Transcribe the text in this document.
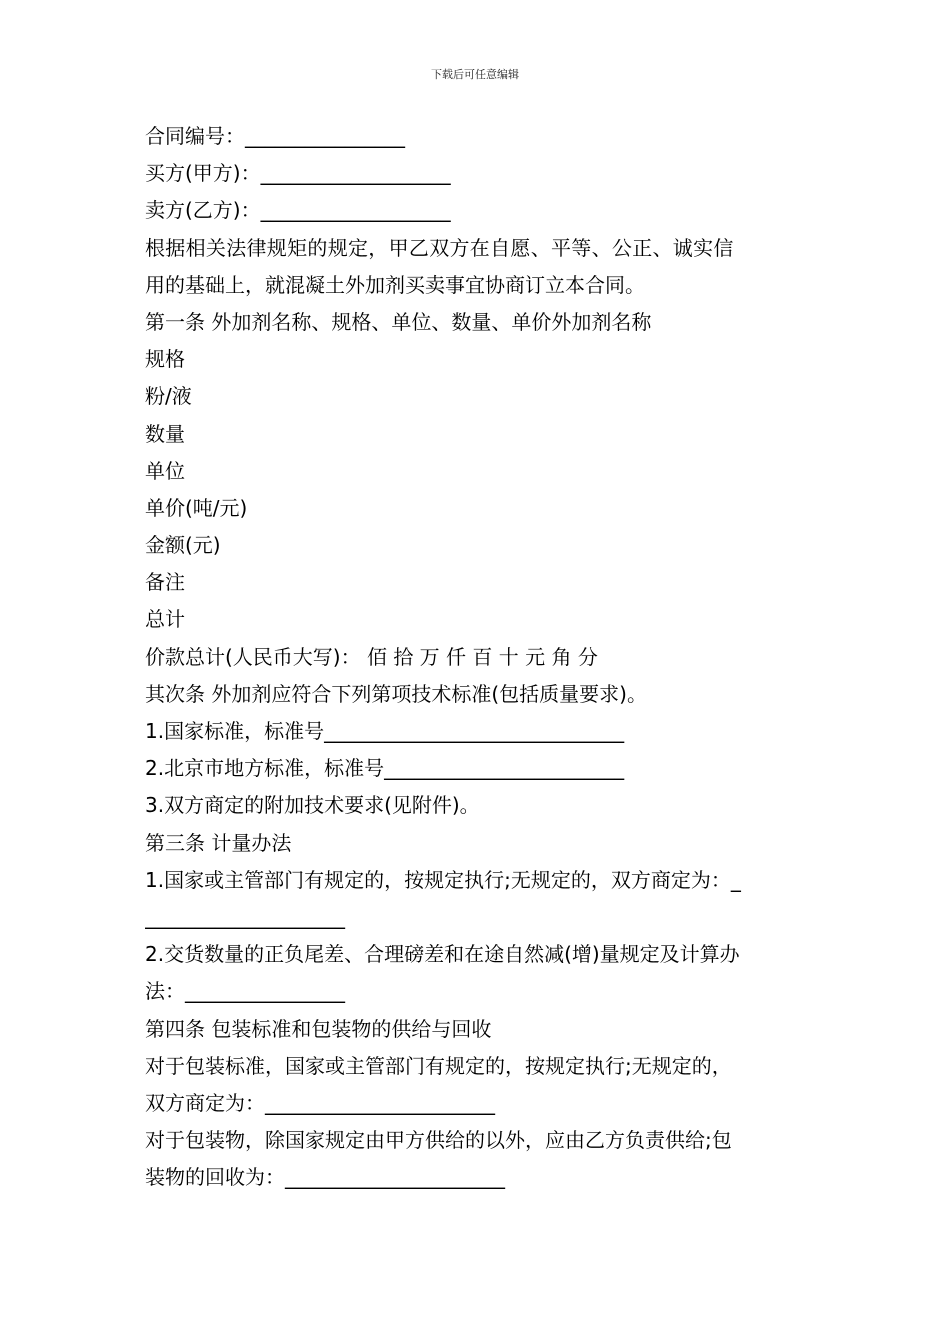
下载后可任意编辑
合同编号：________________
买方(甲方)：___________________
卖方(乙方)：___________________
根据相关法律规矩的规定，甲乙双方在自愿、平等、公正、诚实信
用的基础上，就混凝土外加剂买卖事宜协商订立本合同。
第一条 外加剂名称、规格、单位、数量、单价外加剂名称
规格
粉/液
数量
单位
单价(吨/元)
金额(元)
备注
总计
价款总计(人民币大写)： 佰 拾 万 仟 百 十 元 角 分
其次条 外加剂应符合下列第项技术标准(包括质量要求)。
1.国家标准，标准号______________________________
2.北京市地方标准，标准号________________________
3.双方商定的附加技术要求(见附件)。
第三条 计量办法
1.国家或主管部门有规定的，按规定执行;无规定的，双方商定为：_
____________________
2.交货数量的正负尾差、合理磅差和在途自然减(增)量规定及计算办
法：________________
第四条 包装标准和包装物的供给与回收
对于包装标准，国家或主管部门有规定的，按规定执行;无规定的，
双方商定为：_______________________
对于包装物，除国家规定由甲方供给的以外，应由乙方负责供给;包
装物的回收为：______________________
